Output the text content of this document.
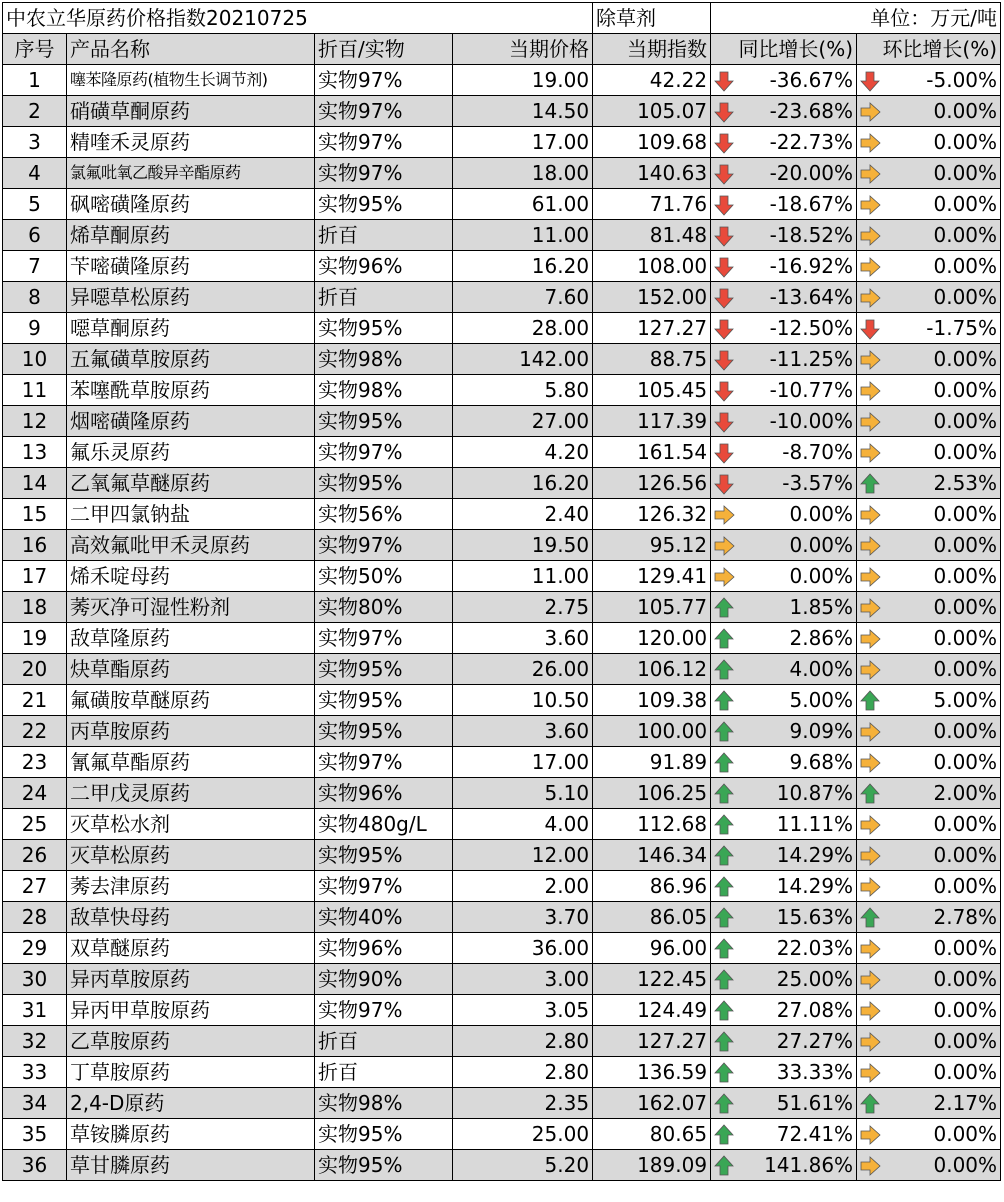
中农立华原药价格指数20210725				除草剂	单位：万元/吨	
序号	产品名称	折百/实物	当期价格	当期指数	同比增长(%)	环比增长(%)
1	噻苯隆原药(植物生长调节剂)	实物97%	19.00	42.22	-36.67%	-5.00%

2	硝磺草酮原药	实物97%	14.50	105.07	-23.68%	0.00%

3	精喹禾灵原药	实物97%	17.00	109.68	-22.73%	0.00%

4	氯氟吡氧乙酸异辛酯原药	实物97%	18.00	140.63	-20.00%	0.00%

5	砜嘧磺隆原药	实物95%	61.00	71.76	-18.67%	0.00%

6	烯草酮原药	折百	11.00	81.48	-18.52%	0.00%

7	苄嘧磺隆原药	实物96%	16.20	108.00	-16.92%	0.00%

8	异噁草松原药	折百	7.60	152.00	-13.64%	0.00%

9	噁草酮原药	实物95%	28.00	127.27	-12.50%	-1.75%

10	五氟磺草胺原药	实物98%	142.00	88.75	-11.25%	0.00%

11	苯噻酰草胺原药	实物98%	5.80	105.45	-10.77%	0.00%

12	烟嘧磺隆原药	实物95%	27.00	117.39	-10.00%	0.00%

13	氟乐灵原药	实物97%	4.20	161.54	-8.70%	0.00%

14	乙氧氟草醚原药	实物95%	16.20	126.56	-3.57%	2.53%

15	二甲四氯钠盐	实物56%	2.40	126.32	0.00%	0.00%

16	高效氟吡甲禾灵原药	实物97%	19.50	95.12	0.00%	0.00%

17	烯禾啶母药	实物50%	11.00	129.41	0.00%	0.00%

18	莠灭净可湿性粉剂	实物80%	2.75	105.77	1.85%	0.00%

19	敌草隆原药	实物97%	3.60	120.00	2.86%	0.00%

20	炔草酯原药	实物95%	26.00	106.12	4.00%	0.00%

21	氟磺胺草醚原药	实物95%	10.50	109.38	5.00%	5.00%

22	丙草胺原药	实物95%	3.60	100.00	9.09%	0.00%

23	氰氟草酯原药	实物97%	17.00	91.89	9.68%	0.00%

24	二甲戊灵原药	实物96%	5.10	106.25	10.87%	2.00%

25	灭草松水剂	实物480g/L	4.00	112.68	11.11%	0.00%

26	灭草松原药	实物95%	12.00	146.34	14.29%	0.00%

27	莠去津原药	实物97%	2.00	86.96	14.29%	0.00%

28	敌草快母药	实物40%	3.70	86.05	15.63%	2.78%

29	双草醚原药	实物96%	36.00	96.00	22.03%	0.00%

30	异丙草胺原药	实物90%	3.00	122.45	25.00%	0.00%

31	异丙甲草胺原药	实物97%	3.05	124.49	27.08%	0.00%

32	乙草胺原药	折百	2.80	127.27	27.27%	0.00%

33	丁草胺原药	折百	2.80	136.59	33.33%	0.00%

34	2,4-D原药	实物98%	2.35	162.07	51.61%	2.17%

35	草铵膦原药	实物95%	25.00	80.65	72.41%	0.00%

36	草甘膦原药	实物95%	5.20	189.09	141.86%	0.00%
